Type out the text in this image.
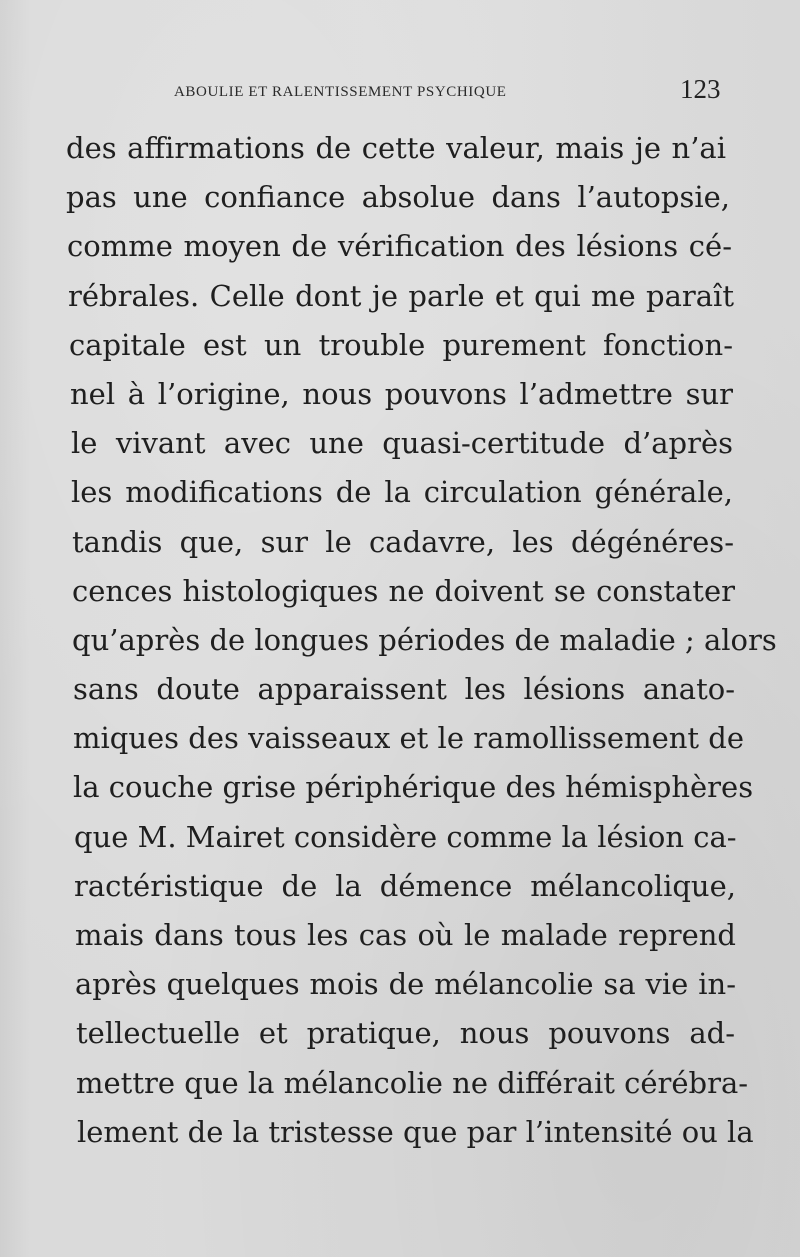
ABOULIE ET RALENTISSEMENT PSYCHIQUE	123
des affirmations de cette valeur, mais je n’ai
pas une confiance absolue dans l’autopsie,
comme moyen de vérification des lésions cé-
rébrales. Celle dont je parle et qui me paraît
capitale est un trouble purement fonction-
nel à l’origine, nous pouvons l’admettre sur
le vivant avec une quasi-certitude d’après
les modifications de la circulation générale,
tandis que, sur le cadavre, les dégénéres-
cences histologiques ne doivent se constater
qu’après de longues périodes de maladie ; alors
sans doute apparaissent les lésions anato-
miques des vaisseaux et le ramollissement de
la couche grise périphérique des hémisphères
que M. Mairet considère comme la lésion ca-
ractéristique de la démence mélancolique,
mais dans tous les cas où le malade reprend
après quelques mois de mélancolie sa vie in-
tellectuelle et pratique, nous pouvons ad-
mettre que la mélancolie ne différait cérébra-
lement de la tristesse que par l’intensité ou la
